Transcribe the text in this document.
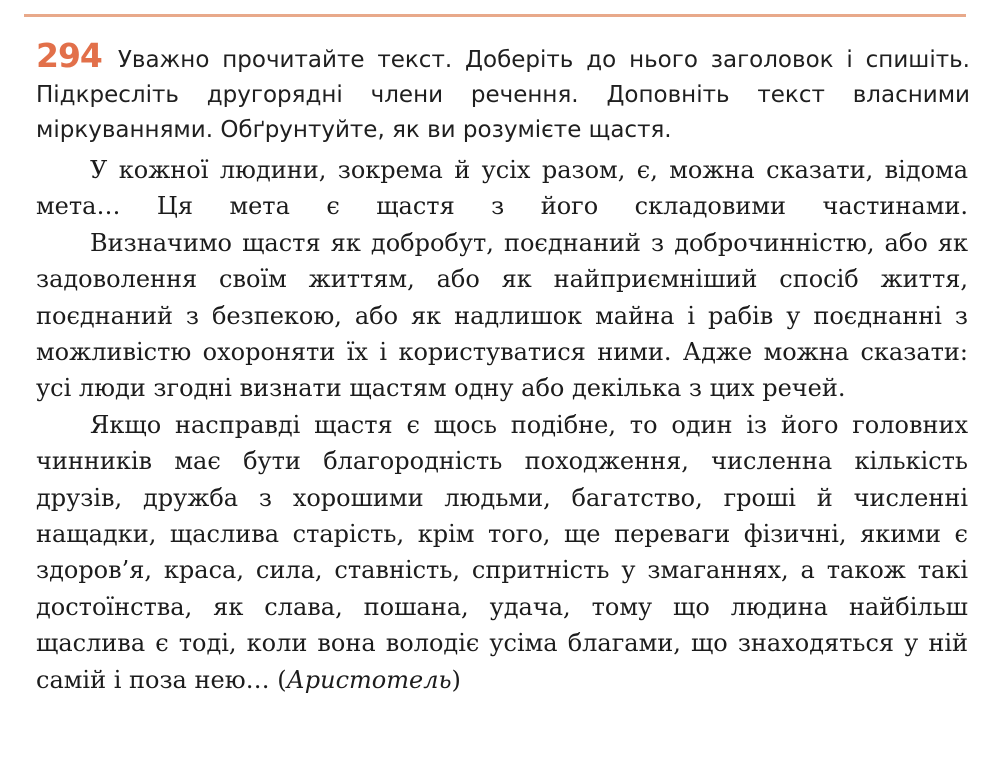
294 Уважно прочитайте текст. Доберіть до нього заголовок і спишіть. Підкресліть другорядні члени речення. Доповніть текст власними міркуваннями. Обґрунтуйте, як ви розумієте щастя.

У кожної людини, зокрема й усіх разом, є, можна сказати, відома мета… Ця мета є щастя з його складовими частинами.

Визначимо щастя як добробут, поєднаний з доброчинністю, або як задоволення своїм життям, або як найприємніший спосіб життя, поєднаний з безпекою, або як надлишок майна і рабів у поєднанні з можливістю охороняти їх і користуватися ними. Адже можна сказати: усі люди згодні визнати щастям одну або декілька з цих речей.

Якщо насправді щастя є щось подібне, то один із його головних чинників має бути благородність походження, численна кількість друзів, дружба з хорошими людьми, багатство, гроші й численні нащадки, щаслива старість, крім того, ще переваги фізичні, якими є здоров’я, краса, сила, ставність, спритність у змаганнях, а також такі достоїнства, як слава, пошана, удача, тому що людина найбільш щаслива є тоді, коли вона володіє усіма благами, що знаходяться у ній самій і поза нею… (Аристотель)
